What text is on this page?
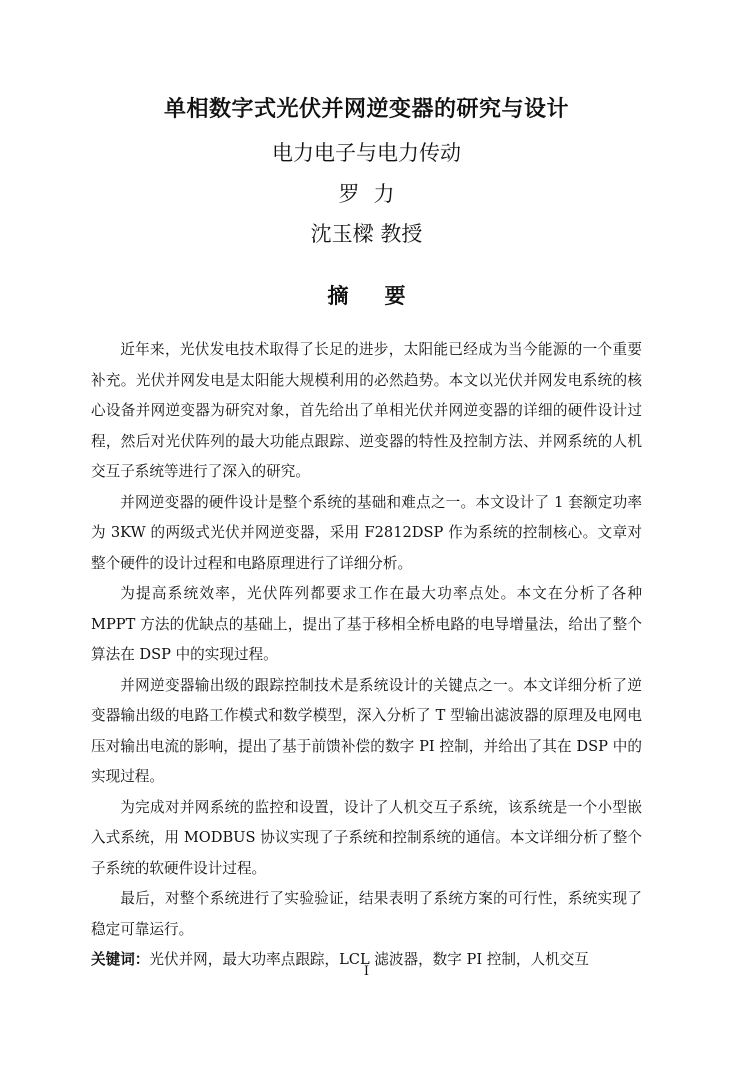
单相数字式光伏并网逆变器的研究与设计
电力电子与电力传动
罗力
沈玉樑 教授
摘要

近年来，光伏发电技术取得了长足的进步，太阳能已经成为当今能源的一个重要补充。光伏并网发电是太阳能大规模利用的必然趋势。本文以光伏并网发电系统的核心设备并网逆变器为研究对象，首先给出了单相光伏并网逆变器的详细的硬件设计过程，然后对光伏阵列的最大功能点跟踪、逆变器的特性及控制方法、并网系统的人机交互子系统等进行了深入的研究。

并网逆变器的硬件设计是整个系统的基础和难点之一。本文设计了 1 套额定功率为 3KW 的两级式光伏并网逆变器，采用 F2812DSP 作为系统的控制核心。文章对整个硬件的设计过程和电路原理进行了详细分析。

为提高系统效率，光伏阵列都要求工作在最大功率点处。本文在分析了各种 MPPT 方法的优缺点的基础上，提出了基于移相全桥电路的电导增量法，给出了整个算法在 DSP 中的实现过程。

并网逆变器输出级的跟踪控制技术是系统设计的关键点之一。本文详细分析了逆变器输出级的电路工作模式和数学模型，深入分析了 T 型输出滤波器的原理及电网电压对输出电流的影响，提出了基于前馈补偿的数字 PI 控制，并给出了其在 DSP 中的实现过程。

为完成对并网系统的监控和设置，设计了人机交互子系统，该系统是一个小型嵌入式系统，用 MODBUS 协议实现了子系统和控制系统的通信。本文详细分析了整个子系统的软硬件设计过程。

最后，对整个系统进行了实验验证，结果表明了系统方案的可行性，系统实现了稳定可靠运行。

关键词：光伏并网，最大功率点跟踪，LCL 滤波器，数字 PI 控制，人机交互

I
